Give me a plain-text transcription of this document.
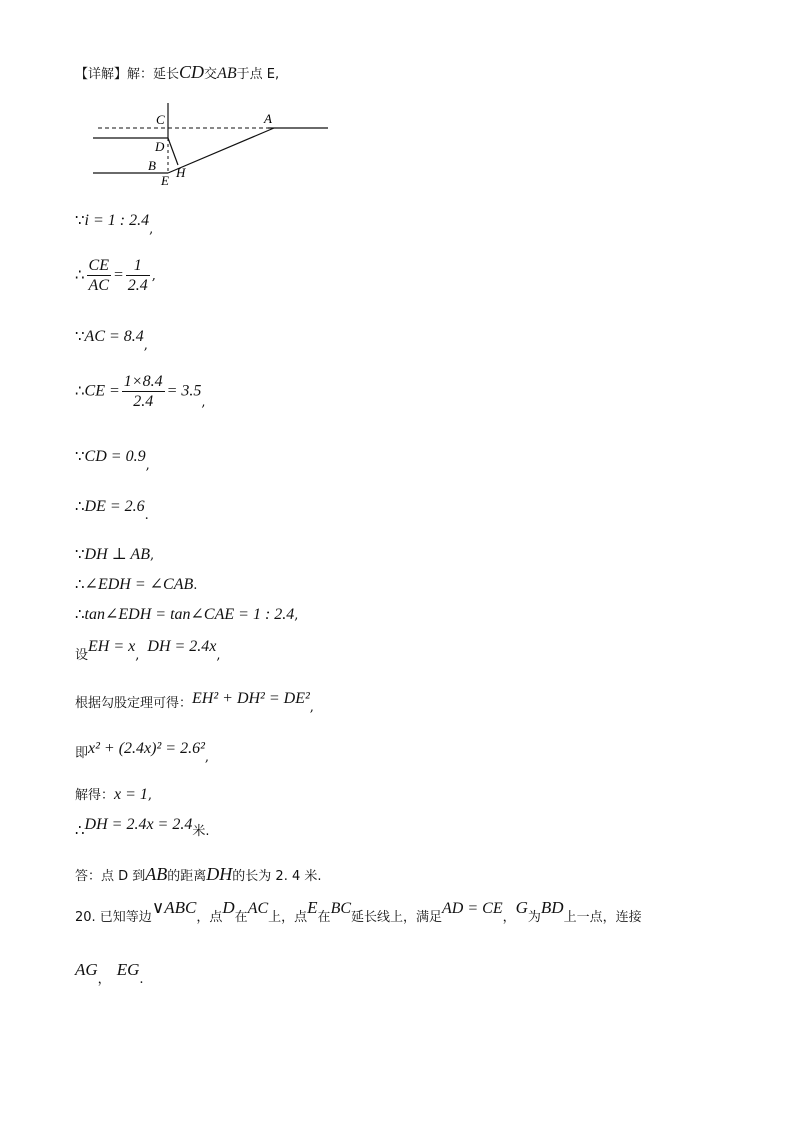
【详解】解：延长CD交AB于点 E,
C	A
D
B H
E
∵i = 1 : 2.4,
∴ $\frac{CE}{AC} = \frac{1}{2.4}$ ,
∵AC = 8.4,
∴CE = $\frac{1\times 8.4}{2.4} = 3.5$,
∵CD = 0.9,
∴DE = 2.6.
∵DH ⊥ AB,
∴∠EDH = ∠CAB.
∴tan∠EDH = tan∠CAE = 1 : 2.4,
设EH = x,DH = 2.4x,
根据勾股定理可得：EH² + DH² = DE²,
即x² + (2.4x)² = 2.6²,
解得：x = 1,
∴DH = 2.4x = 2.4米.
答：点 D 到AB的距离DH的长为 2. 4 米.
20. 已知等边∨ABC，点D在AC上，点E在BC延长线上，满足AD = CE，G为BD上一点，连接
AG，EG.
